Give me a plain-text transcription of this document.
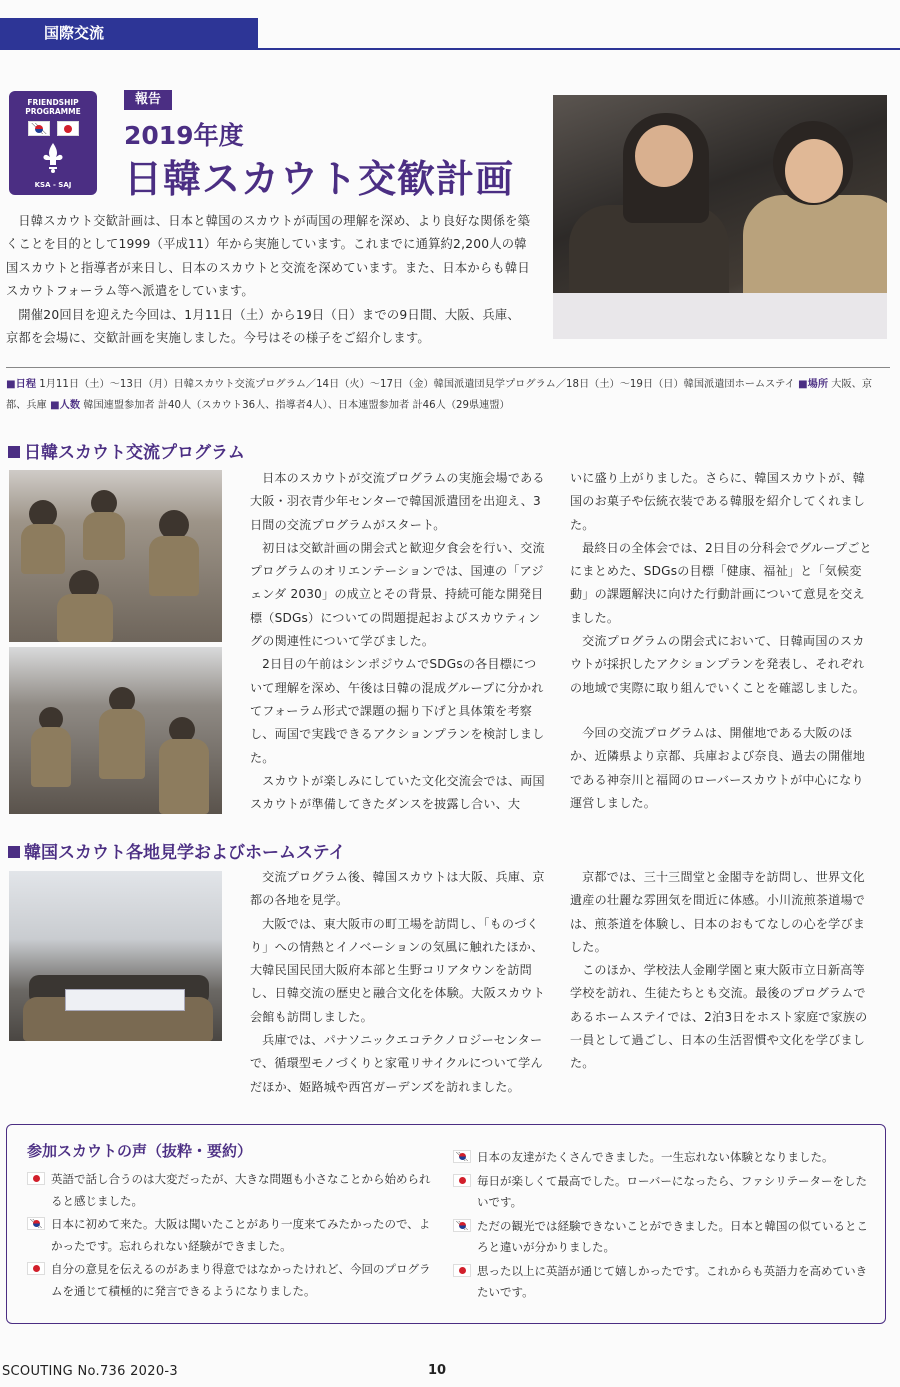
国際交流
FRIENDSHIP
PROGRAMME
KSA - SAJ
報告
2019年度
日韓スカウト交歓計画

日韓スカウト交歓計画は、日本と韓国のスカウトが両国の理解を深め、より良好な関係を築くことを目的として1999（平成11）年から実施しています。これまでに通算約2,200人の韓国スカウトと指導者が来日し、日本のスカウトと交流を深めています。また、日本からも韓日スカウトフォーラム等へ派遣をしています。

開催20回目を迎えた今回は、1月11日（土）から19日（日）までの9日間、大阪、兵庫、京都を会場に、交歓計画を実施しました。今号はその様子をご紹介します。

■日程 1月11日（土）～13日（月）日韓スカウト交流プログラム／14日（火）～17日（金）韓国派遣団見学プログラム／18日（土）～19日（日）韓国派遣団ホームステイ ■場所 大阪、京都、兵庫 ■人数 韓国連盟参加者 計40人（スカウト36人、指導者4人）、日本連盟参加者 計46人（29県連盟）
日韓スカウト交流プログラム

日本のスカウトが交流プログラムの実施会場である大阪・羽衣青少年センターで韓国派遣団を出迎え、3日間の交流プログラムがスタート。

初日は交歓計画の開会式と歓迎夕食会を行い、交流プログラムのオリエンテーションでは、国連の「アジェンダ 2030」の成立とその背景、持続可能な開発目標（SDGs）についての問題提起およびスカウティングの関連性について学びました。

2日目の午前はシンポジウムでSDGsの各目標について理解を深め、午後は日韓の混成グループに分かれてフォーラム形式で課題の掘り下げと具体策を考察し、両国で実践できるアクションプランを検討しました。

スカウトが楽しみにしていた文化交流会では、両国スカウトが準備してきたダンスを披露し合い、大

いに盛り上がりました。さらに、韓国スカウトが、韓国のお菓子や伝統衣装である韓服を紹介してくれました。

最終日の全体会では、2日目の分科会でグループごとにまとめた、SDGsの目標「健康、福祉」と「気候変動」の課題解決に向けた行動計画について意見を交えました。

交流プログラムの閉会式において、日韓両国のスカウトが採択したアクションプランを発表し、それぞれの地域で実際に取り組んでいくことを確認しました。

今回の交流プログラムは、開催地である大阪のほか、近隣県より京都、兵庫および奈良、過去の開催地である神奈川と福岡のローバースカウトが中心になり運営しました。

韓国スカウト各地見学およびホームステイ

交流プログラム後、韓国スカウトは大阪、兵庫、京都の各地を見学。

大阪では、東大阪市の町工場を訪問し、「ものづくり」への情熱とイノベーションの気風に触れたほか、大韓民国民団大阪府本部と生野コリアタウンを訪問し、日韓交流の歴史と融合文化を体験。大阪スカウト会館も訪問しました。

兵庫では、パナソニックエコテクノロジーセンターで、循環型モノづくりと家電リサイクルについて学んだほか、姫路城や西宮ガーデンズを訪れました。

京都では、三十三間堂と金閣寺を訪問し、世界文化遺産の壮麗な雰囲気を間近に体感。小川流煎茶道場では、煎茶道を体験し、日本のおもてなしの心を学びました。

このほか、学校法人金剛学園と東大阪市立日新高等学校を訪れ、生徒たちとも交流。最後のプログラムであるホームステイでは、2泊3日をホスト家庭で家族の一員として過ごし、日本の生活習慣や文化を学びました。

参加スカウトの声（抜粋・要約）
英語で話し合うのは大変だったが、大きな問題も小さなことから始められると感じました。
日本に初めて来た。大阪は聞いたことがあり一度来てみたかったので、よかったです。忘れられない経験ができました。
自分の意見を伝えるのがあまり得意ではなかったけれど、今回のプログラムを通じて積極的に発言できるようになりました。
日本の友達がたくさんできました。一生忘れない体験となりました。
毎日が楽しくて最高でした。ローバーになったら、ファシリテーターをしたいです。
ただの観光では経験できないことができました。日本と韓国の似ているところと違いが分かりました。
思った以上に英語が通じて嬉しかったです。これからも英語力を高めていきたいです。
SCOUTING No.736 2020-3	10
